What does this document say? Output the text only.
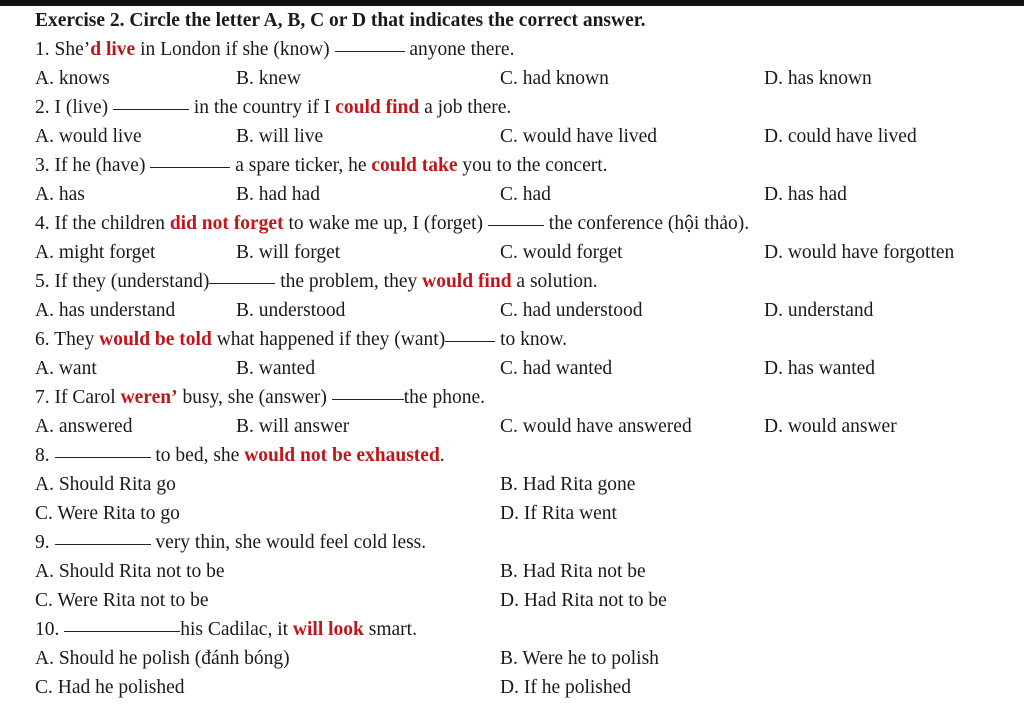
Exercise 2. Circle the letter A, B, C or D that indicates the correct answer.
1. She’d live in London if she (know)	anyone there.
A. knows	B. knew	C. had known	D. has known
2. I (live)	in the country if I could find a job there.
A. would live	B. will live	C. would have lived	D. could have lived
3. If he (have)	a spare ticker, he could take you to the concert.
A. has	B. had had	C. had	D. has had
4. If the children did not forget to wake me up, I (forget)	the conference (hội thảo).
A. might forget	B. will forget	C. would forget	D. would have forgotten
5. If they (understand)	the problem, they would find a solution.
A. has understand	B. understood	C. had understood	D. understand
6. They would be told what happened if they (want)	to know.
A. want	B. wanted	C. had wanted	D. has wanted
7. If Carol weren’ busy, she (answer)	the phone.
A. answered	B. will answer	C. would have answered	D. would answer
8.	to bed, she would not be exhausted.
A. Should Rita go	B. Had Rita gone
C. Were Rita to go	D. If Rita went
9.	very thin, she would feel cold less.
A. Should Rita not to be	B. Had Rita not be
C. Were Rita not to be	D. Had Rita not to be
10.	his Cadilac, it will look smart.
A. Should he polish (đánh bóng)	B. Were he to polish
C. Had he polished	D. If he polished
